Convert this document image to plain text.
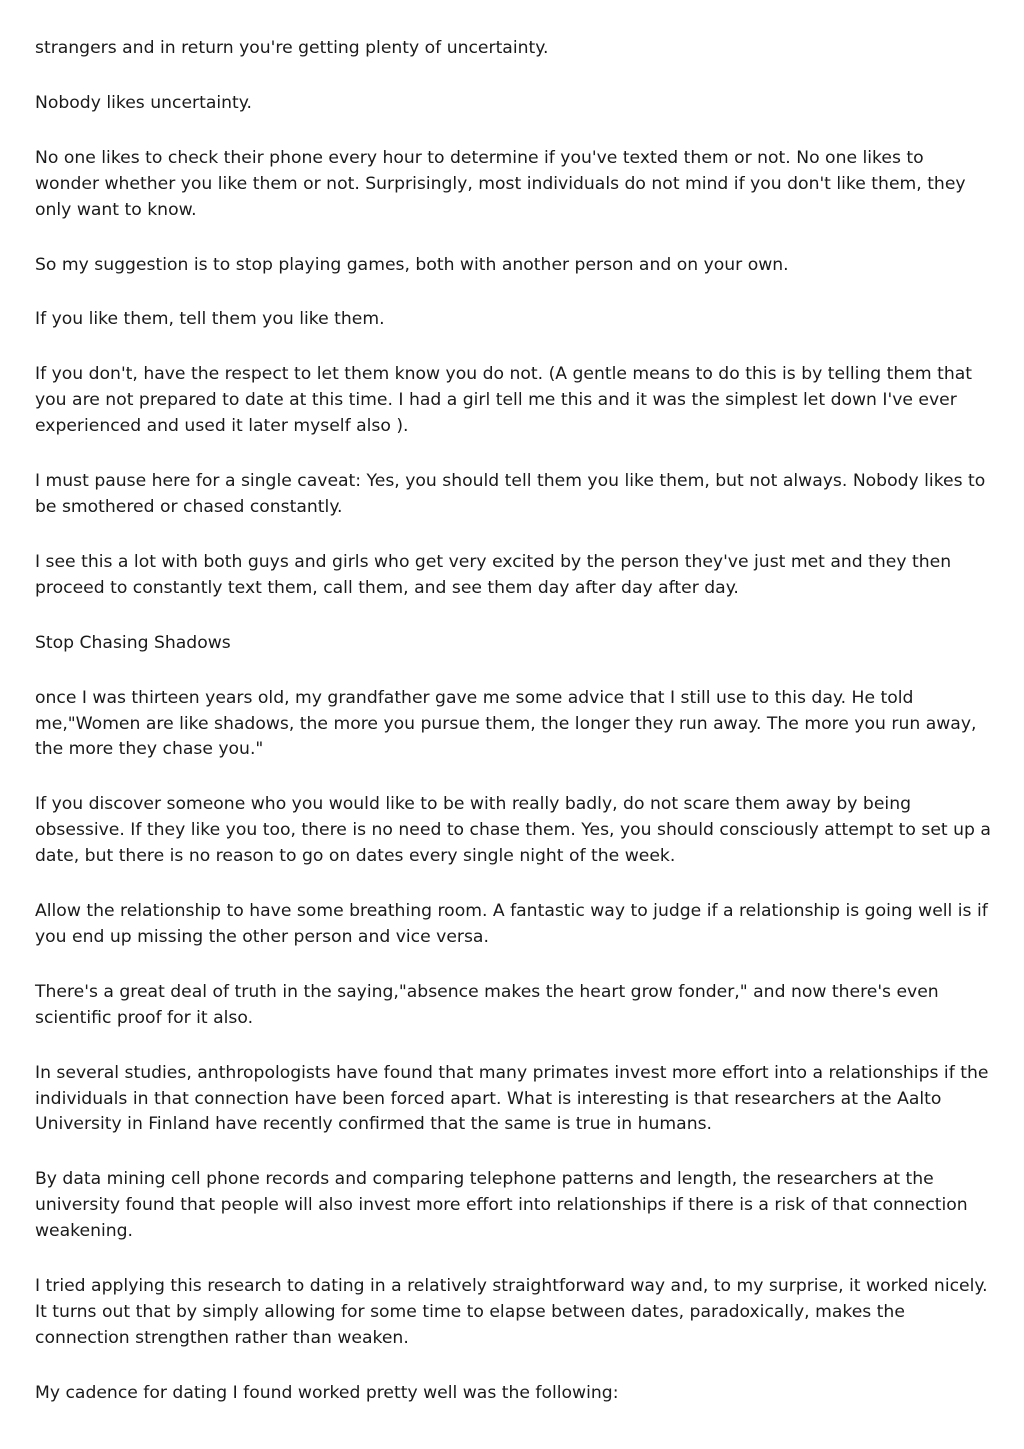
strangers and in return you're getting plenty of uncertainty.

Nobody likes uncertainty.

No one likes to check their phone every hour to determine if you've texted them or not. No one likes to wonder whether you like them or not. Surprisingly, most individuals do not mind if you don't like them, they only want to know.

So my suggestion is to stop playing games, both with another person and on your own.

If you like them, tell them you like them.

If you don't, have the respect to let them know you do not. (A gentle means to do this is by telling them that you are not prepared to date at this time. I had a girl tell me this and it was the simplest let down I've ever experienced and used it later myself also ).

I must pause here for a single caveat: Yes, you should tell them you like them, but not always. Nobody likes to be smothered or chased constantly.

I see this a lot with both guys and girls who get very excited by the person they've just met and they then proceed to constantly text them, call them, and see them day after day after day.

Stop Chasing Shadows

once I was thirteen years old, my grandfather gave me some advice that I still use to this day. He told me,"Women are like shadows, the more you pursue them, the longer they run away. The more you run away, the more they chase you."

If you discover someone who you would like to be with really badly, do not scare them away by being obsessive. If they like you too, there is no need to chase them. Yes, you should consciously attempt to set up a date, but there is no reason to go on dates every single night of the week.

Allow the relationship to have some breathing room. A fantastic way to judge if a relationship is going well is if you end up missing the other person and vice versa.

There's a great deal of truth in the saying,"absence makes the heart grow fonder," and now there's even scientific proof for it also.

In several studies, anthropologists have found that many primates invest more effort into a relationships if the individuals in that connection have been forced apart. What is interesting is that researchers at the Aalto University in Finland have recently confirmed that the same is true in humans.

By data mining cell phone records and comparing telephone patterns and length, the researchers at the university found that people will also invest more effort into relationships if there is a risk of that connection weakening.

I tried applying this research to dating in a relatively straightforward way and, to my surprise, it worked nicely. It turns out that by simply allowing for some time to elapse between dates, paradoxically, makes the connection strengthen rather than weaken.

My cadence for dating I found worked pretty well was the following:
